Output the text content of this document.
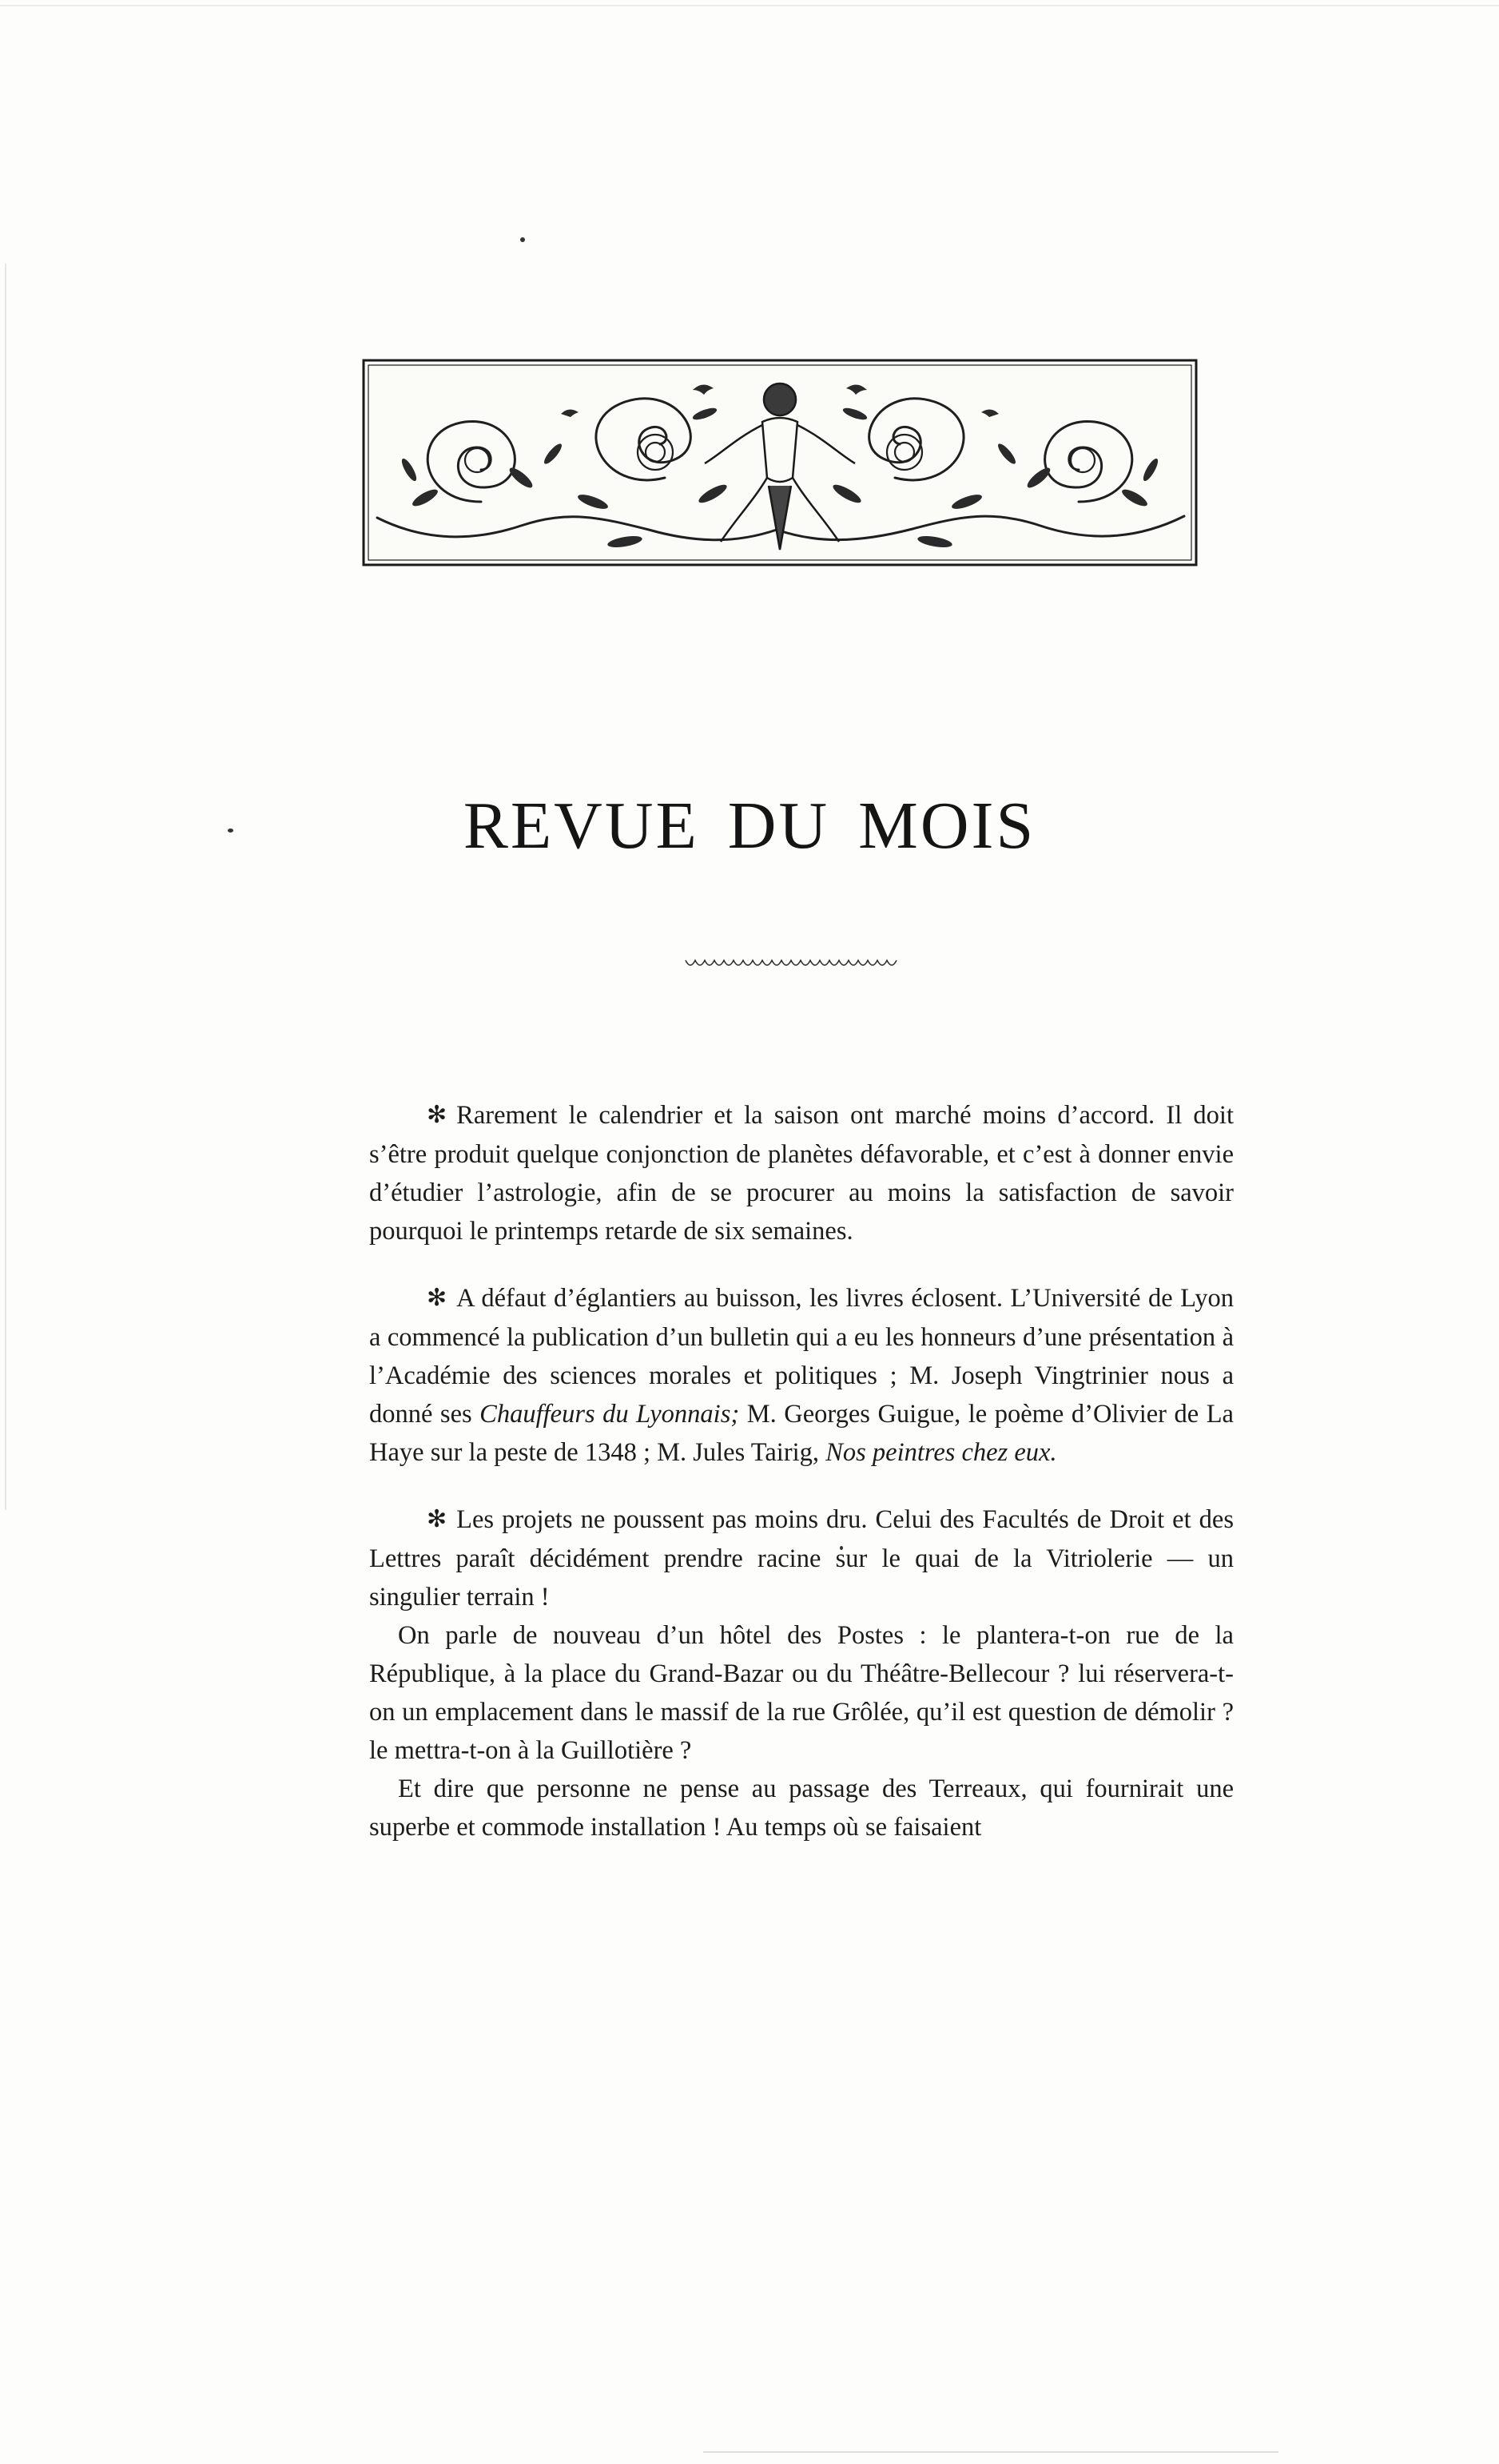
REVUE DU MOIS

✻ Rarement le calendrier et la saison ont marché moins d’accord. Il doit s’être produit quelque conjonction de planètes défavorable, et c’est à donner envie d’étudier l’astrologie, afin de se procurer au moins la satisfaction de savoir pourquoi le printemps retarde de six semaines.

✻ A défaut d’églantiers au buisson, les livres éclosent. L’Université de Lyon a commencé la publication d’un bulletin qui a eu les honneurs d’une présentation à l’Académie des sciences morales et politiques ; M. Joseph Vingtrinier nous a donné ses Chauffeurs du Lyonnais; M. Georges Guigue, le poème d’Olivier de La Haye sur la peste de 1348 ; M. Jules Tairig, Nos peintres chez eux.

✻ Les projets ne poussent pas moins dru. Celui des Facultés de Droit et des Lettres paraît décidément prendre racine sur le quai de la Vitriolerie — un singulier terrain !

On parle de nouveau d’un hôtel des Postes : le plantera-t-on rue de la République, à la place du Grand-Bazar ou du Théâtre-Bellecour ? lui réservera-t-on un emplacement dans le massif de la rue Grôlée, qu’il est question de démolir ? le mettra-t-on à la Guillotière ?

Et dire que personne ne pense au passage des Terreaux, qui fournirait une superbe et commode installation ! Au temps où se faisaient
